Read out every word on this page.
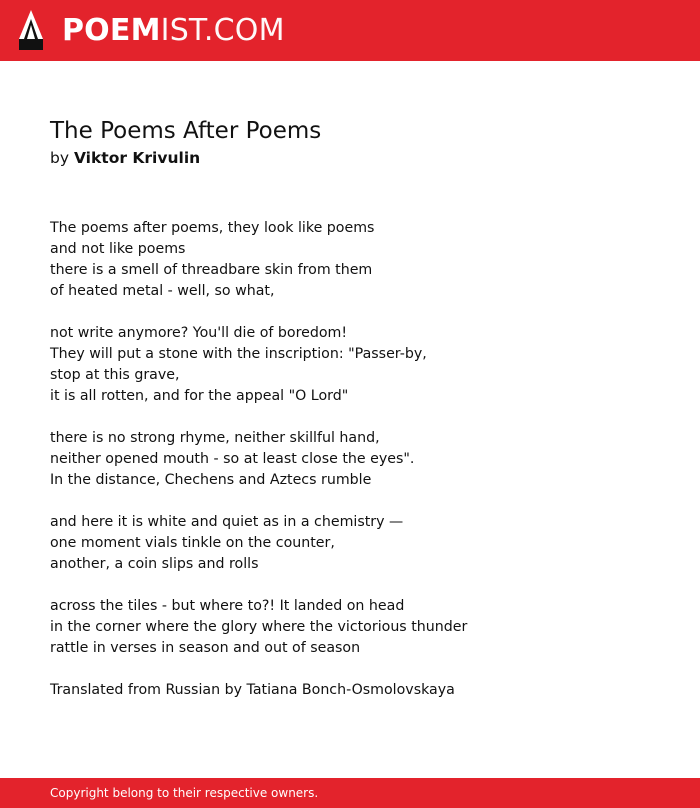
POEMIST.COM
The Poems After Poems
by Viktor Krivulin
The poems after poems, they look like poems
and not like poems
there is a smell of threadbare skin from them
of heated metal - well, so what,
not write anymore? You'll die of boredom!
They will put a stone with the inscription: "Passer-by,
stop at this grave,
it is all rotten, and for the appeal "O Lord"
there is no strong rhyme, neither skillful hand,
neither opened mouth - so at least close the eyes".
In the distance, Chechens and Aztecs rumble
and here it is white and quiet as in a chemistry —
one moment vials tinkle on the counter,
another, a coin slips and rolls
across the tiles - but where to?! It landed on head
in the corner where the glory where the victorious thunder
rattle in verses in season and out of season
Translated from Russian by Tatiana Bonch-Osmolovskaya
Copyright belong to their respective owners.
